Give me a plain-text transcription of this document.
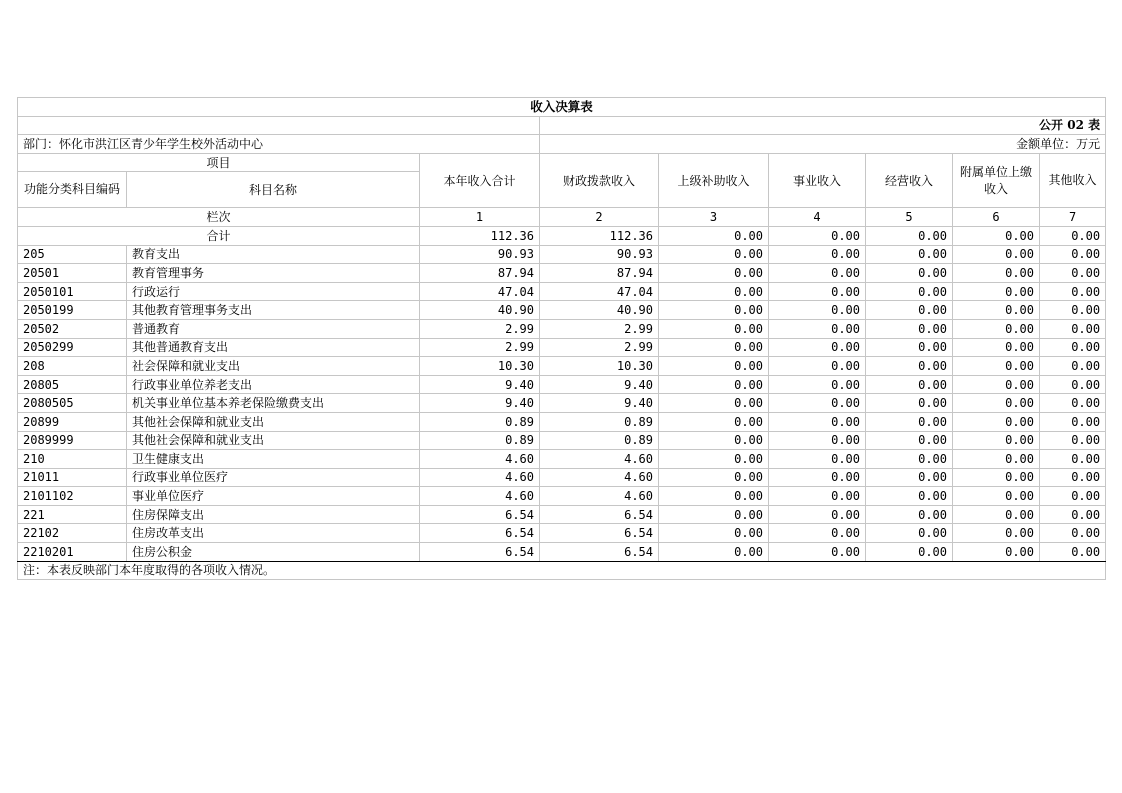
收入决算表								
			公开 02 表					
部门：怀化市洪江区青少年学生校外活动中心			金额单位：万元					
项目		本年收入合计	财政拨款收入	上级补助收入	事业收入	经营收入	附属单位上缴收入	其他收入
功能分类科目编码	科目名称							
栏次		1	2	3	4	5	6	7
合计		112.36	112.36	0.00	0.00	0.00	0.00	0.00
205	教育支出	90.93	90.93	0.00	0.00	0.00	0.00	0.00
20501	教育管理事务	87.94	87.94	0.00	0.00	0.00	0.00	0.00
2050101	行政运行	47.04	47.04	0.00	0.00	0.00	0.00	0.00
2050199	其他教育管理事务支出	40.90	40.90	0.00	0.00	0.00	0.00	0.00
20502	普通教育	2.99	2.99	0.00	0.00	0.00	0.00	0.00
2050299	其他普通教育支出	2.99	2.99	0.00	0.00	0.00	0.00	0.00
208	社会保障和就业支出	10.30	10.30	0.00	0.00	0.00	0.00	0.00
20805	行政事业单位养老支出	9.40	9.40	0.00	0.00	0.00	0.00	0.00
2080505	机关事业单位基本养老保险缴费支出	9.40	9.40	0.00	0.00	0.00	0.00	0.00
20899	其他社会保障和就业支出	0.89	0.89	0.00	0.00	0.00	0.00	0.00
2089999	其他社会保障和就业支出	0.89	0.89	0.00	0.00	0.00	0.00	0.00
210	卫生健康支出	4.60	4.60	0.00	0.00	0.00	0.00	0.00
21011	行政事业单位医疗	4.60	4.60	0.00	0.00	0.00	0.00	0.00
2101102	事业单位医疗	4.60	4.60	0.00	0.00	0.00	0.00	0.00
221	住房保障支出	6.54	6.54	0.00	0.00	0.00	0.00	0.00
22102	住房改革支出	6.54	6.54	0.00	0.00	0.00	0.00	0.00
2210201	住房公积金	6.54	6.54	0.00	0.00	0.00	0.00	0.00
注：本表反映部门本年度取得的各项收入情况。								
